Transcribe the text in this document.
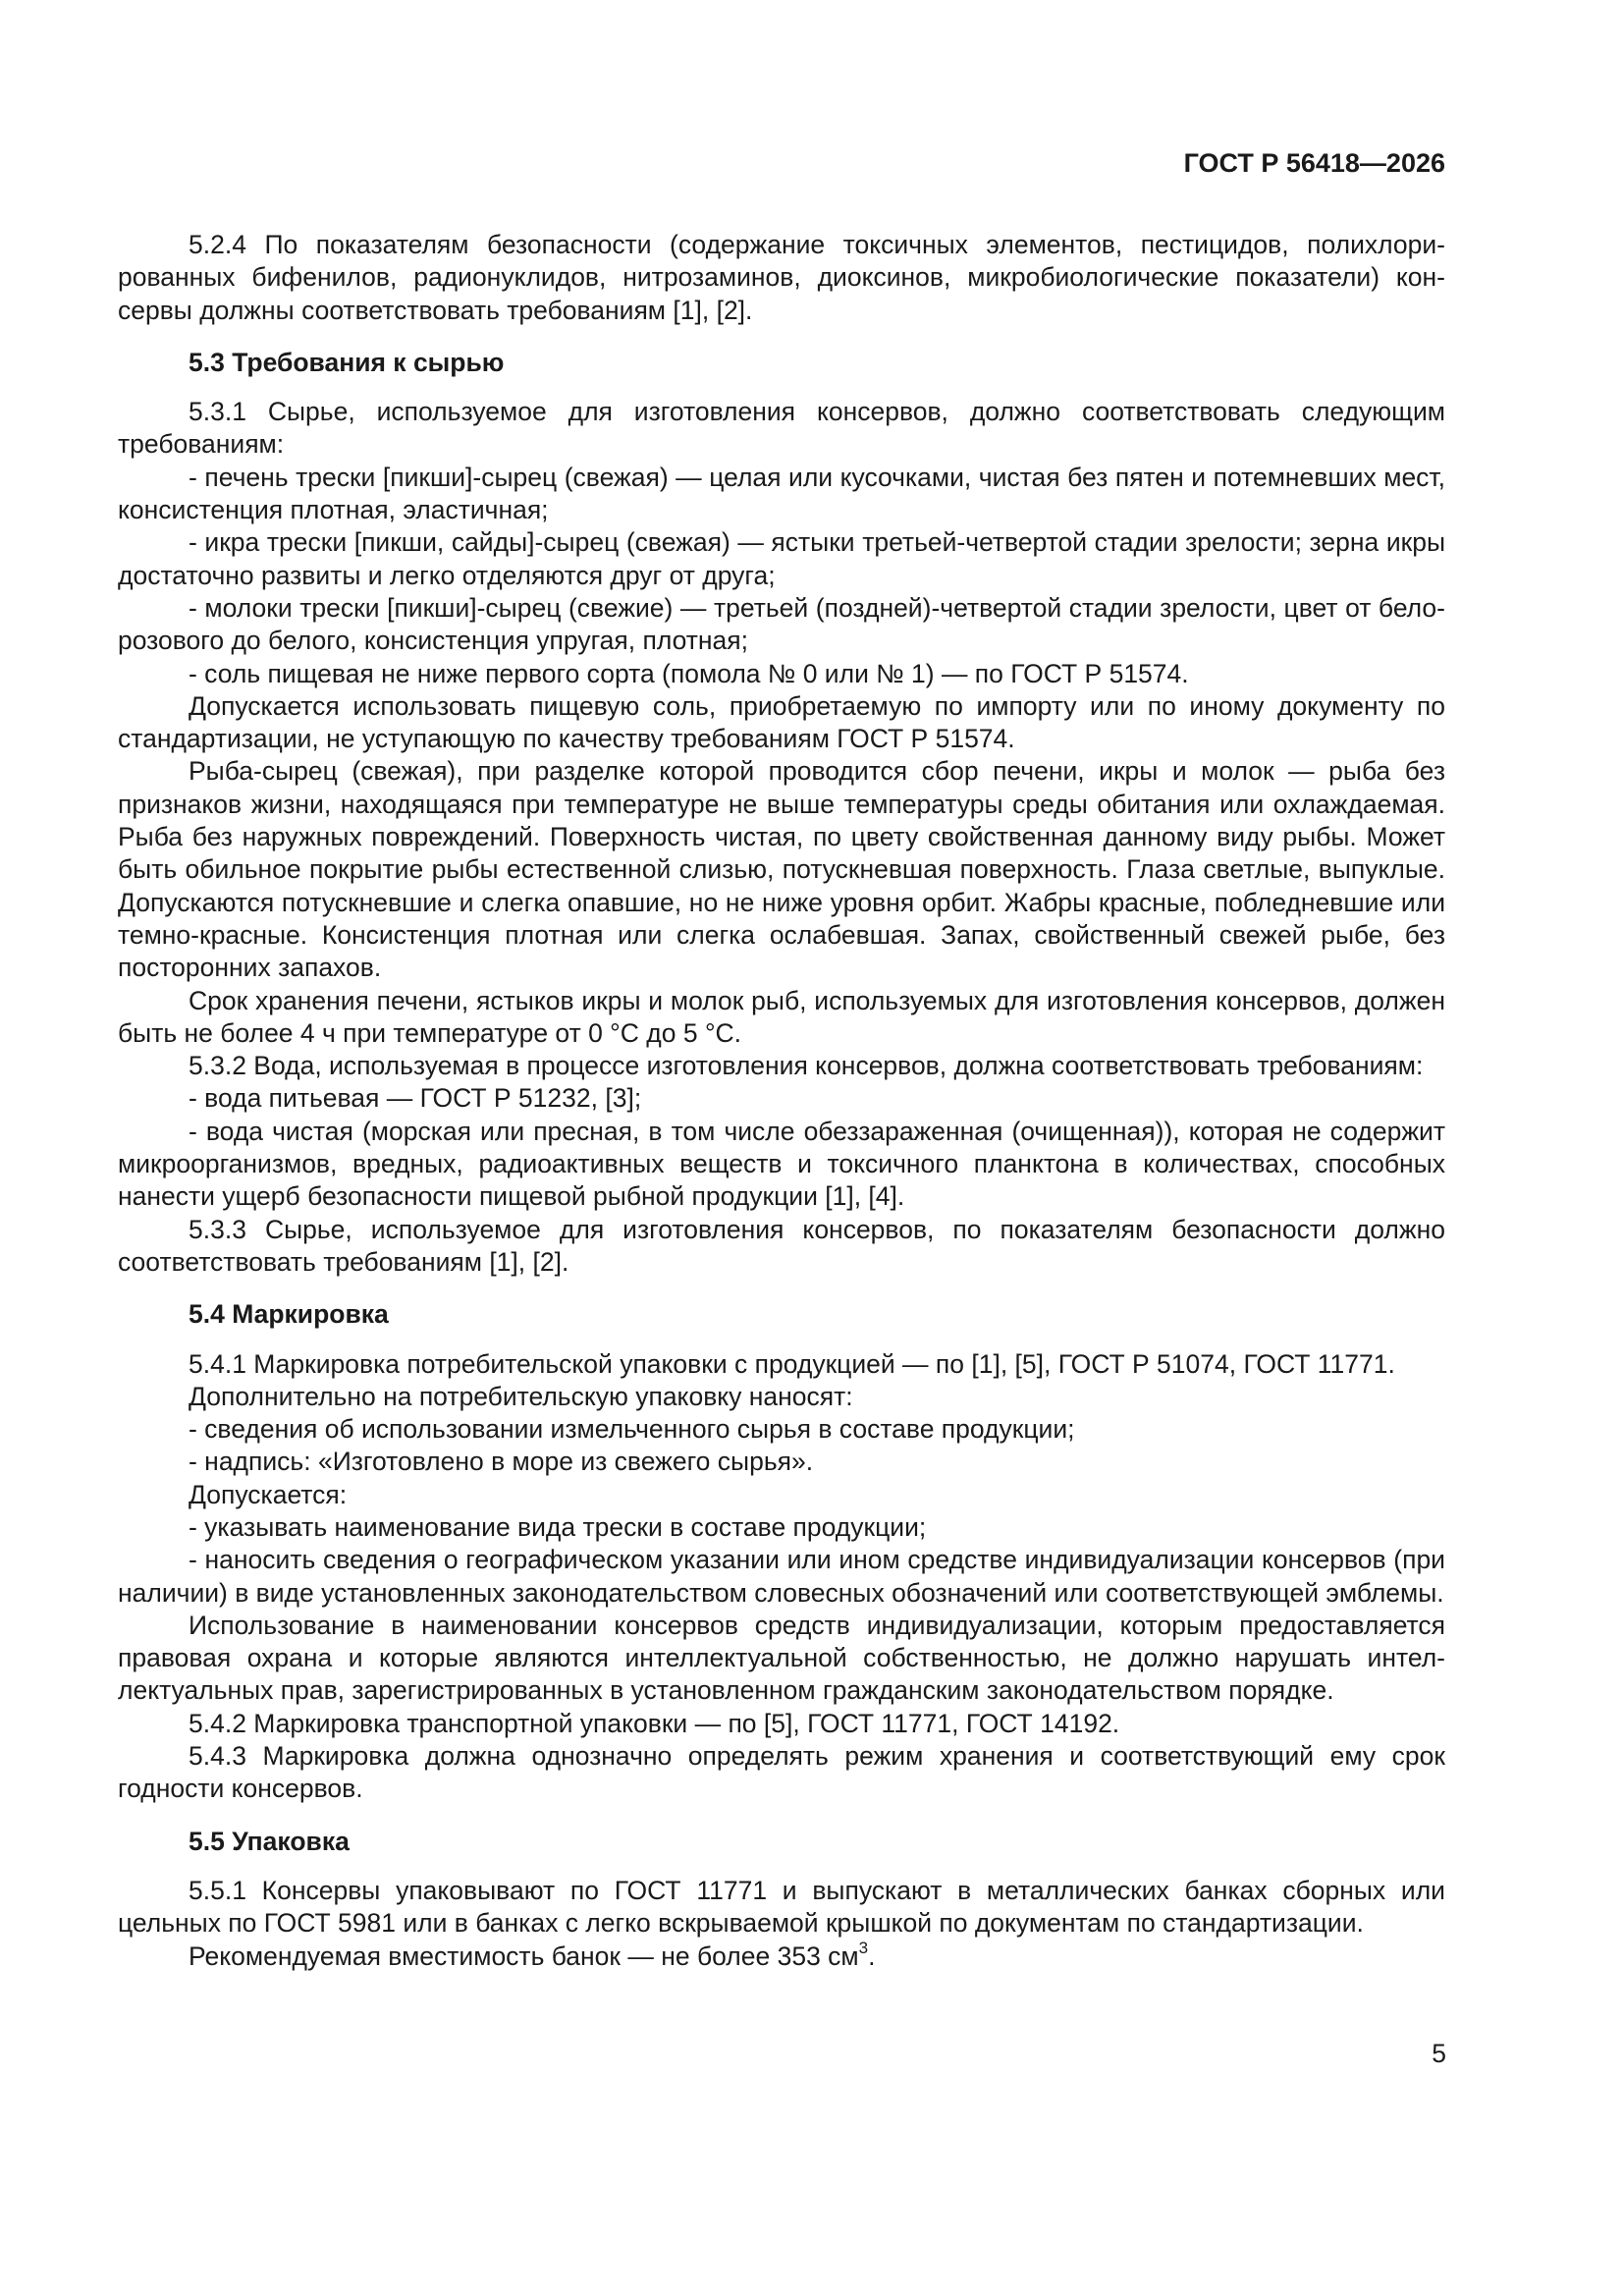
ГОСТ Р 56418—2026

5.2.4 По показателям безопасности (содержание токсичных элементов, пестицидов, полихлорированных бифенилов, радионуклидов, нитрозаминов, диоксинов, микробиологические показатели) консервы должны соответствовать требованиям [1], [2].

5.3 Требования к сырью

5.3.1 Сырье, используемое для изготовления консервов, должно соответствовать следующим требованиям:

- печень трески [пикши]-сырец (свежая) — целая или кусочками, чистая без пятен и потемневших мест, консистенция плотная, эластичная;

- икра трески [пикши, сайды]-сырец (свежая) — ястыки третьей-четвертой стадии зрелости; зерна икры достаточно развиты и легко отделяются друг от друга;

- молоки трески [пикши]-сырец (свежие) — третьей (поздней)-четвертой стадии зрелости, цвет от бело-розового до белого, консистенция упругая, плотная;

- соль пищевая не ниже первого сорта (помола № 0 или № 1) — по ГОСТ Р 51574.

Допускается использовать пищевую соль, приобретаемую по импорту или по иному документу по стандартизации, не уступающую по качеству требованиям ГОСТ Р 51574.

Рыба-сырец (свежая), при разделке которой проводится сбор печени, икры и молок — рыба без признаков жизни, находящаяся при температуре не выше температуры среды обитания или охлаждаемая. Рыба без наружных повреждений. Поверхность чистая, по цвету свойственная данному виду рыбы. Может быть обильное покрытие рыбы естественной слизью, потускневшая поверхность. Глаза светлые, выпуклые. Допускаются потускневшие и слегка опавшие, но не ниже уровня орбит. Жабры красные, побледневшие или темно-красные. Консистенция плотная или слегка ослабевшая. Запах, свойственный свежей рыбе, без посторонних запахов.

Срок хранения печени, ястыков икры и молок рыб, используемых для изготовления консервов, должен быть не более 4 ч при температуре от 0 °С до 5 °С.

5.3.2 Вода, используемая в процессе изготовления консервов, должна соответствовать требованиям:

- вода питьевая — ГОСТ Р 51232, [3];

- вода чистая (морская или пресная, в том числе обеззараженная (очищенная)), которая не содержит микроорганизмов, вредных, радиоактивных веществ и токсичного планктона в количествах, способных нанести ущерб безопасности пищевой рыбной продукции [1], [4].

5.3.3 Сырье, используемое для изготовления консервов, по показателям безопасности должно соответствовать требованиям [1], [2].

5.4 Маркировка

5.4.1 Маркировка потребительской упаковки с продукцией — по [1], [5], ГОСТ Р 51074, ГОСТ 11771.

Дополнительно на потребительскую упаковку наносят:

- сведения об использовании измельченного сырья в составе продукции;

- надпись: «Изготовлено в море из свежего сырья».

Допускается:

- указывать наименование вида трески в составе продукции;

- наносить сведения о географическом указании или ином средстве индивидуализации консервов (при наличии) в виде установленных законодательством словесных обозначений или соответствующей эмблемы.

Использование в наименовании консервов средств индивидуализации, которым предоставляется правовая охрана и которые являются интеллектуальной собственностью, не должно нарушать интеллектуальных прав, зарегистрированных в установленном гражданским законодательством порядке.

5.4.2 Маркировка транспортной упаковки — по [5], ГОСТ 11771, ГОСТ 14192.

5.4.3 Маркировка должна однозначно определять режим хранения и соответствующий ему срок годности консервов.

5.5 Упаковка

5.5.1 Консервы упаковывают по ГОСТ 11771 и выпускают в металлических банках сборных или цельных по ГОСТ 5981 или в банках с легко вскрываемой крышкой по документам по стандартизации.

Рекомендуемая вместимость банок — не более 353 $см^3$.

5
